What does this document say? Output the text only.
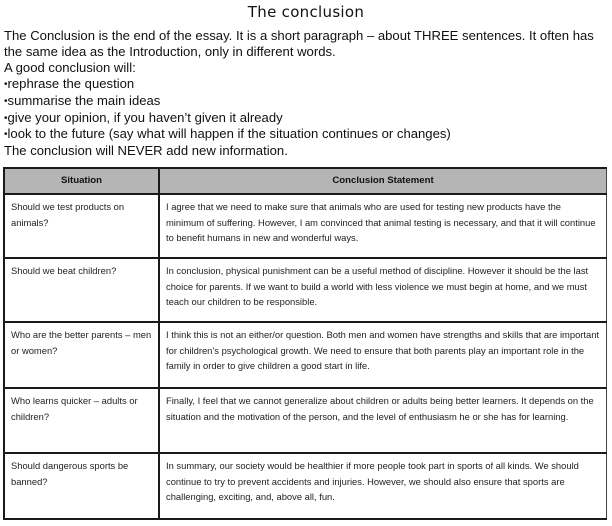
The conclusion

The Conclusion is the end of the essay. It is a short paragraph – about THREE sentences. It often has the same idea as the Introduction, only in different words.

A good conclusion will:

• rephrase the question
• summarise the main ideas
• give your opinion, if you haven’t given it already
• look to the future (say what will happen if the situation continues or changes)

The conclusion will NEVER add new information.

Situation	Conclusion Statement
Should we test products on animals?	I agree that we need to make sure that animals who are used for testing new products have the minimum of suffering. However, I am convinced that animal testing is necessary, and that it will continue to benefit humans in new and wonderful ways.
Should we beat children?	In conclusion, physical punishment can be a useful method of discipline. However it should be the last choice for parents. If we want to build a world with less violence we must begin at home, and we must teach our children to be responsible.
Who are the better parents – men or women?	I think this is not an either/or question. Both men and women have strengths and skills that are important for children’s psychological growth. We need to ensure that both parents play an important role in the family in order to give children a good start in life.
Who learns quicker – adults or children?	Finally, I feel that we cannot generalize about children or adults being better learners. It depends on the situation and the motivation of the person, and the level of enthusiasm he or she has for learning.
Should dangerous sports be banned?	In summary, our society would be healthier if more people took part in sports of all kinds. We should continue to try to prevent accidents and injuries. However, we should also ensure that sports are challenging, exciting, and, above all, fun.
